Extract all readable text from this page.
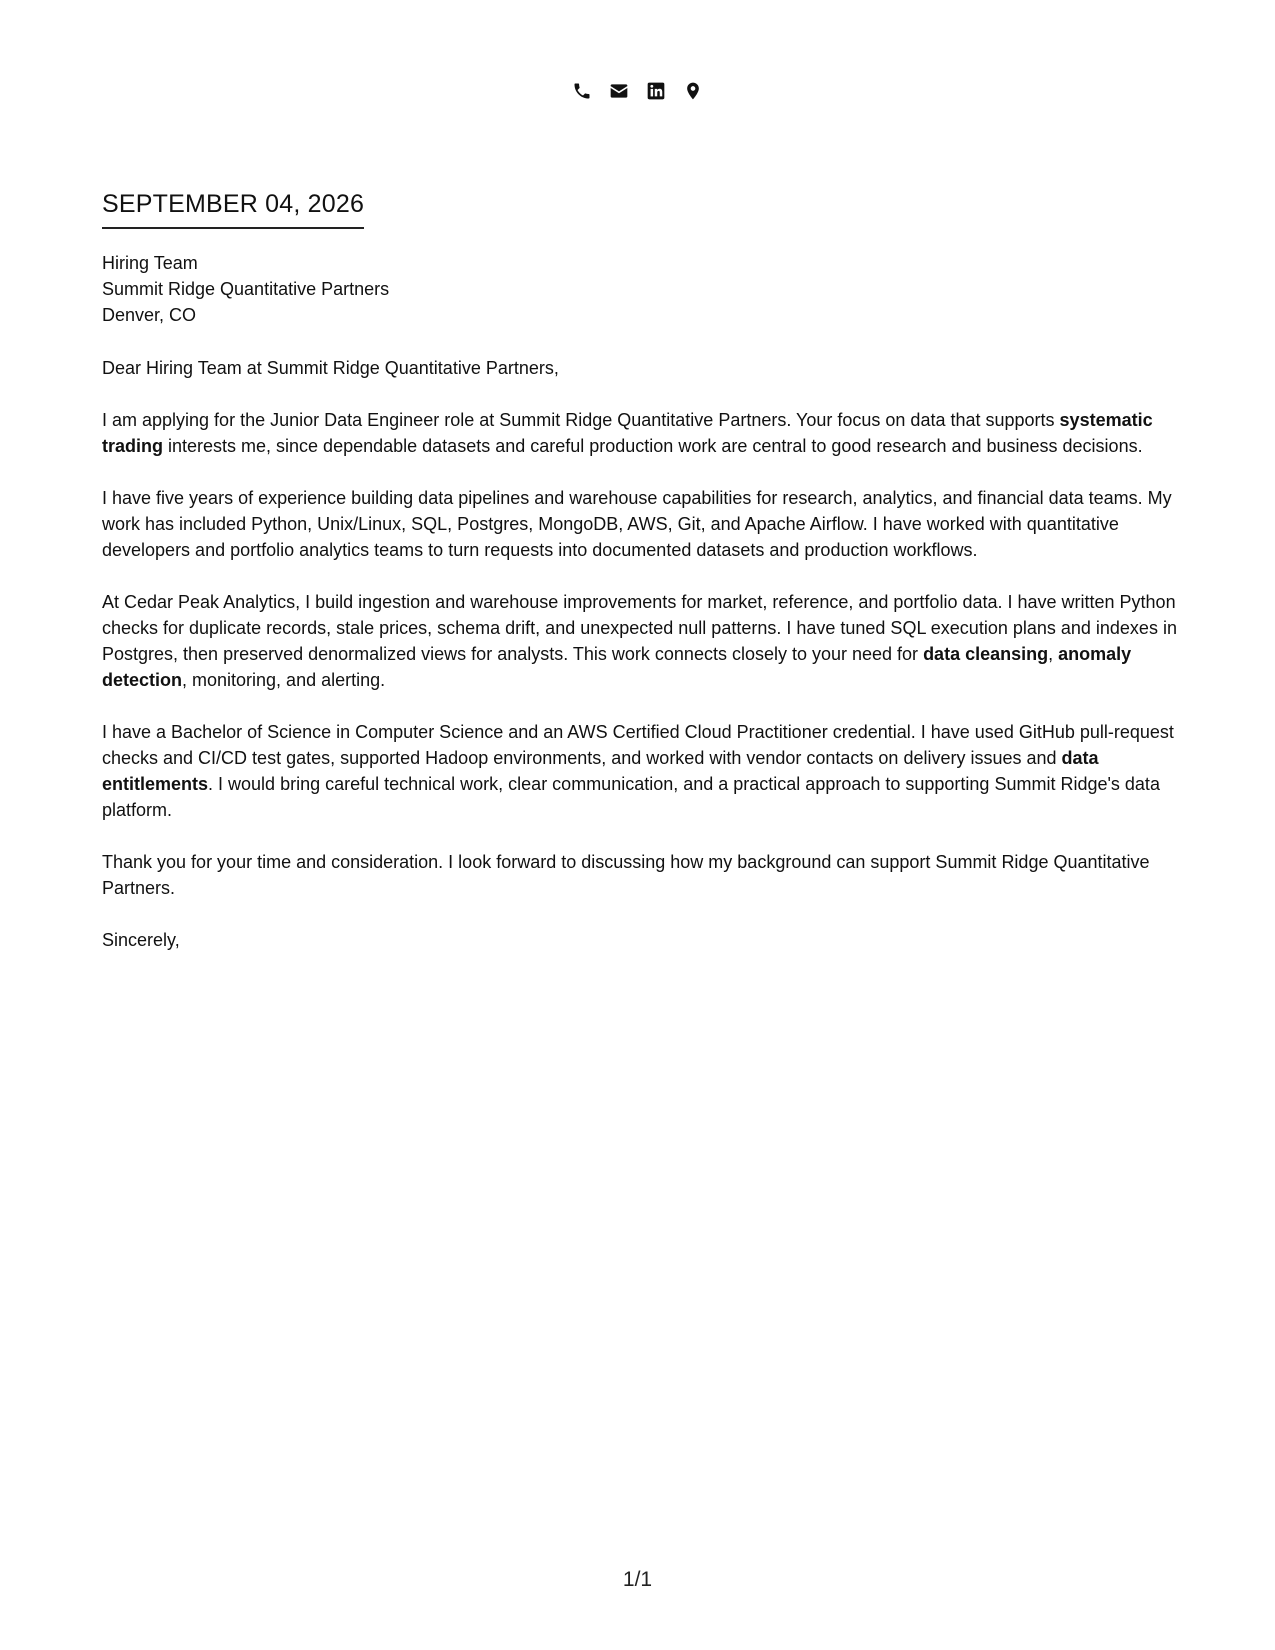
SEPTEMBER 04, 2026
Hiring Team
Summit Ridge Quantitative Partners
Denver, CO

Dear Hiring Team at Summit Ridge Quantitative Partners,

I am applying for the Junior Data Engineer role at Summit Ridge Quantitative Partners. Your focus on data that supports systematic trading interests me, since dependable datasets and careful production work are central to good research and business decisions.

I have five years of experience building data pipelines and warehouse capabilities for research, analytics, and financial data teams. My work has included Python, Unix/Linux, SQL, Postgres, MongoDB, AWS, Git, and Apache Airflow. I have worked with quantitative developers and portfolio analytics teams to turn requests into documented datasets and production workflows.

At Cedar Peak Analytics, I build ingestion and warehouse improvements for market, reference, and portfolio data. I have written Python checks for duplicate records, stale prices, schema drift, and unexpected null patterns. I have tuned SQL execution plans and indexes in Postgres, then preserved denormalized views for analysts. This work connects closely to your need for data cleansing, anomaly detection, monitoring, and alerting.

I have a Bachelor of Science in Computer Science and an AWS Certified Cloud Practitioner credential. I have used GitHub pull-request checks and CI/CD test gates, supported Hadoop environments, and worked with vendor contacts on delivery issues and data entitlements. I would bring careful technical work, clear communication, and a practical approach to supporting Summit Ridge's data platform.

Thank you for your time and consideration. I look forward to discussing how my background can support Summit Ridge Quantitative Partners.

Sincerely,

1/1
